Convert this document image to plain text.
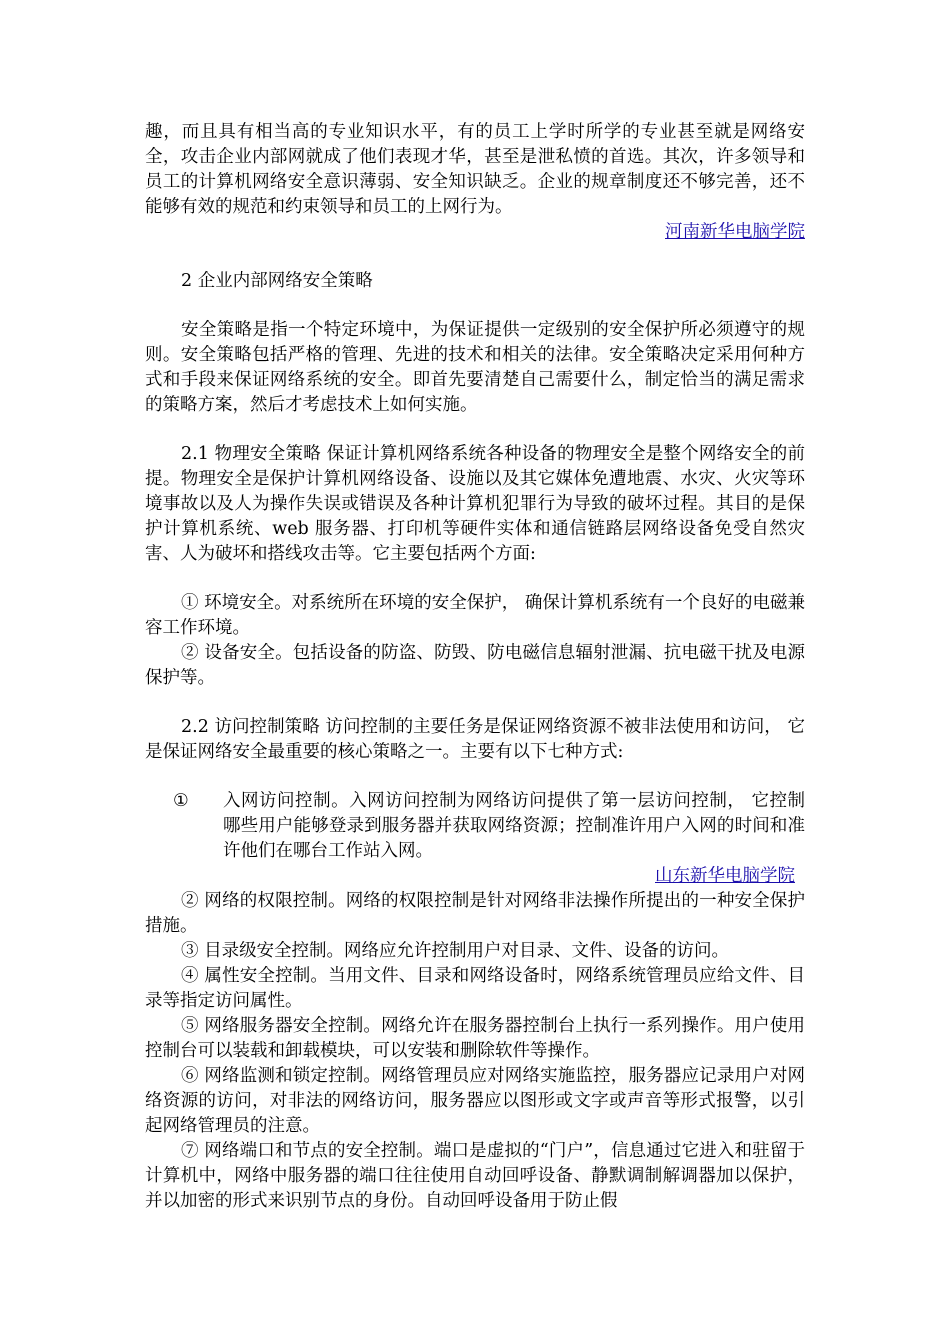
趣，而且具有相当高的专业知识水平，有的员工上学时所学的专业甚至就是网络安全，攻击企业内部网就成了他们表现才华，甚至是泄私愤的首选。其次，许多领导和员工的计算机网络安全意识薄弱、安全知识缺乏。企业的规章制度还不够完善，还不能够有效的规范和约束领导和员工的上网行为。

河南新华电脑学院

2 企业内部网络安全策略

安全策略是指一个特定环境中，为保证提供一定级别的安全保护所必须遵守的规则。安全策略包括严格的管理、先进的技术和相关的法律。安全策略决定采用何种方式和手段来保证网络系统的安全。即首先要清楚自己需要什么，制定恰当的满足需求的策略方案，然后才考虑技术上如何实施。

2.1 物理安全策略 保证计算机网络系统各种设备的物理安全是整个网络安全的前提。物理安全是保护计算机网络设备、设施以及其它媒体免遭地震、水灾、火灾等环境事故以及人为操作失误或错误及各种计算机犯罪行为导致的破坏过程。其目的是保护计算机系统、web 服务器、打印机等硬件实体和通信链路层网络设备免受自然灾害、人为破坏和搭线攻击等。它主要包括两个方面:

① 环境安全。对系统所在环境的安全保护， 确保计算机系统有一个良好的电磁兼容工作环境。

② 设备安全。包括设备的防盗、防毁、防电磁信息辐射泄漏、抗电磁干扰及电源保护等。

2.2 访问控制策略 访问控制的主要任务是保证网络资源不被非法使用和访问， 它是保证网络安全最重要的核心策略之一。主要有以下七种方式:

①	入网访问控制。入网访问控制为网络访问提供了第一层访问控制， 它控制哪些用户能够登录到服务器并获取网络资源；控制准许用户入网的时间和准许他们在哪台工作站入网。

山东新华电脑学院

② 网络的权限控制。网络的权限控制是针对网络非法操作所提出的一种安全保护措施。

③ 目录级安全控制。网络应允许控制用户对目录、文件、设备的访问。

④ 属性安全控制。当用文件、目录和网络设备时，网络系统管理员应给文件、目录等指定访问属性。

⑤ 网络服务器安全控制。网络允许在服务器控制台上执行一系列操作。用户使用控制台可以装载和卸载模块，可以安装和删除软件等操作。

⑥ 网络监测和锁定控制。网络管理员应对网络实施监控，服务器应记录用户对网络资源的访问，对非法的网络访问，服务器应以图形或文字或声音等形式报警，以引起网络管理员的注意。

⑦ 网络端口和节点的安全控制。端口是虚拟的“门户”，信息通过它进入和驻留于计算机中，网络中服务器的端口往往使用自动回呼设备、静默调制解调器加以保护，并以加密的形式来识别节点的身份。自动回呼设备用于防止假
